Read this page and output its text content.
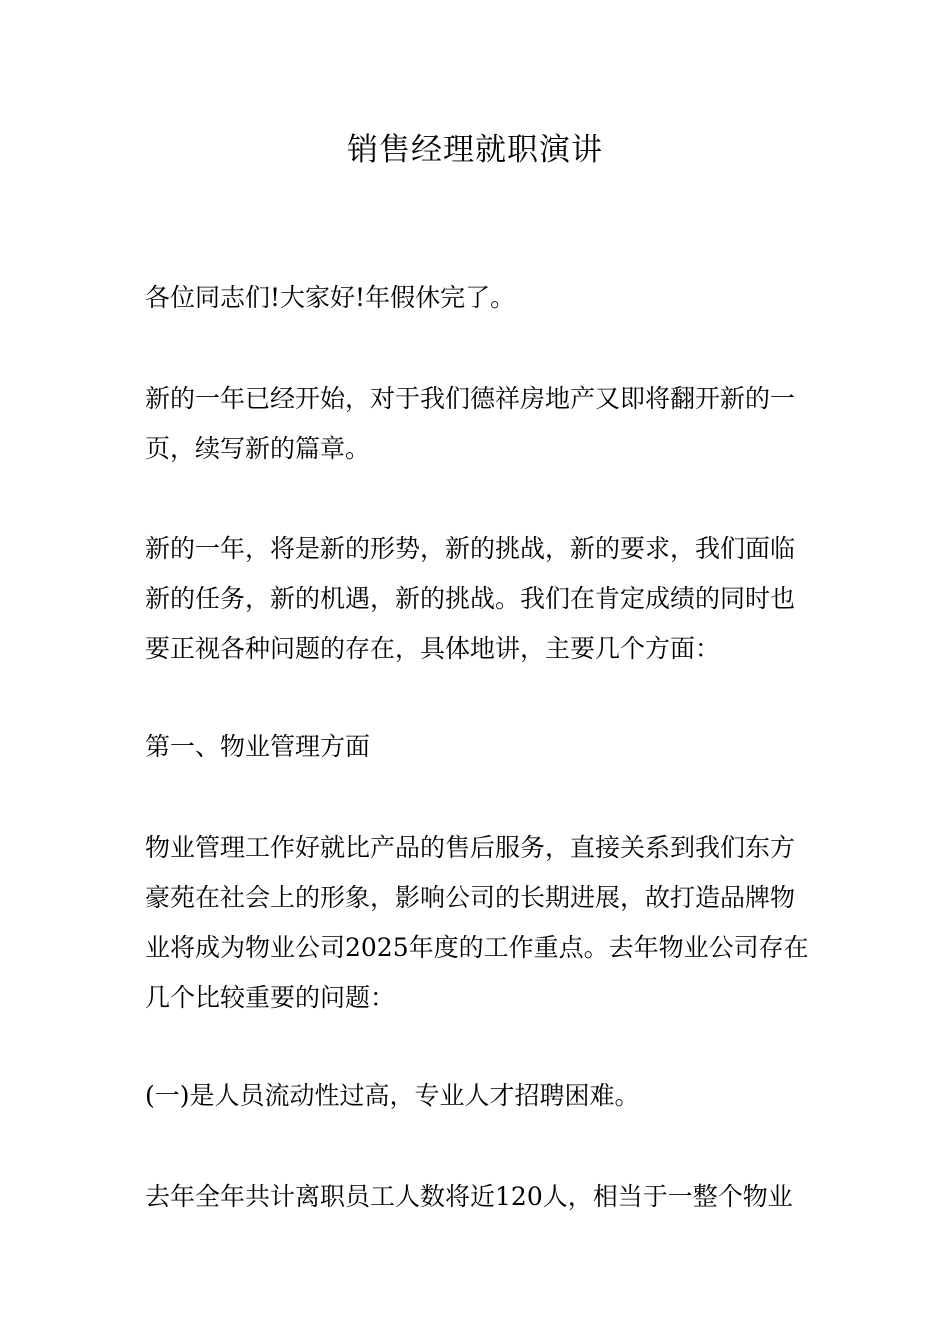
销售经理就职演讲

各位同志们!大家好!年假休完了。

新的一年已经开始，对于我们德祥房地产又即将翻开新的一页，续写新的篇章。

新的一年，将是新的形势，新的挑战，新的要求，我们面临新的任务，新的机遇，新的挑战。我们在肯定成绩的同时也要正视各种问题的存在，具体地讲，主要几个方面：

第一、物业管理方面

物业管理工作好就比产品的售后服务，直接关系到我们东方豪苑在社会上的形象，影响公司的长期进展，故打造品牌物业将成为物业公司2025年度的工作重点。去年物业公司存在几个比较重要的问题：

(一)是人员流动性过高，专业人才招聘困难。

去年全年共计离职员工人数将近120人，相当于一整个物业
